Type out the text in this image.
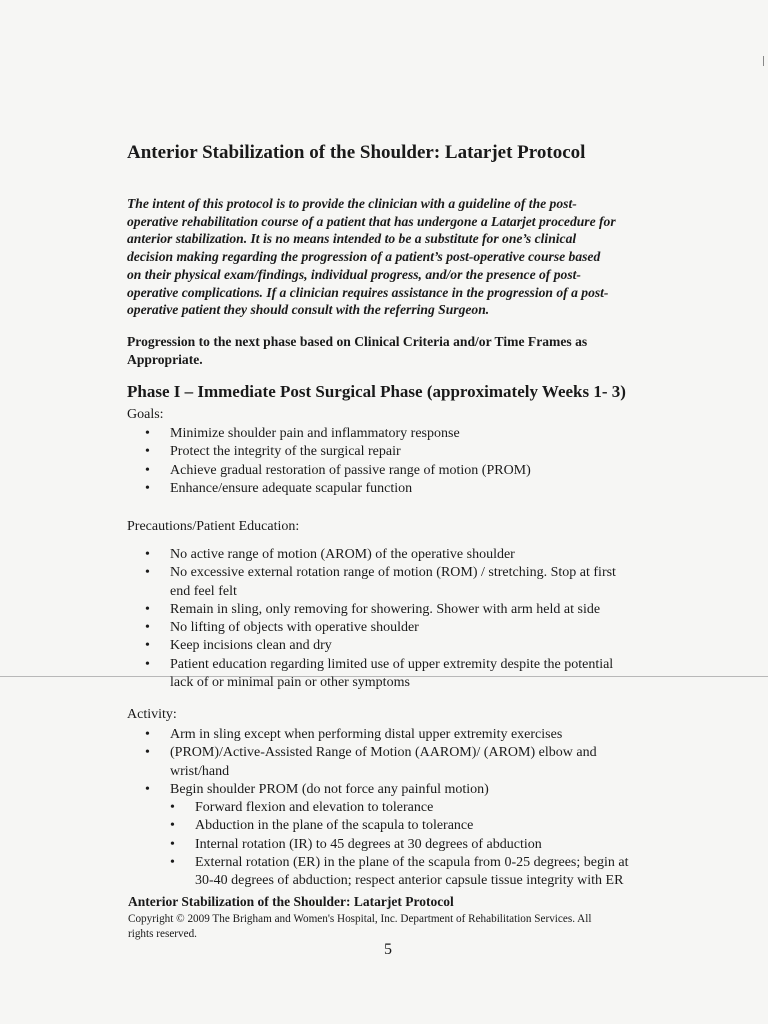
Anterior Stabilization of the Shoulder: Latarjet Protocol
The intent of this protocol is to provide the clinician with a guideline of the post-
operative rehabilitation course of a patient that has undergone a Latarjet procedure for
anterior stabilization. It is no means intended to be a substitute for one’s clinical
decision making regarding the progression of a patient’s post-operative course based
on their physical exam/findings, individual progress, and/or the presence of post-
operative complications. If a clinician requires assistance in the progression of a post-
operative patient they should consult with the referring Surgeon.
Progression to the next phase based on Clinical Criteria and/or Time Frames as
Appropriate.
Phase I – Immediate Post Surgical Phase (approximately Weeks 1- 3)
Goals:
• Minimize shoulder pain and inflammatory response
• Protect the integrity of the surgical repair
• Achieve gradual restoration of passive range of motion (PROM)
• Enhance/ensure adequate scapular function
Precautions/Patient Education:
• No active range of motion (AROM) of the operative shoulder
• No excessive external rotation range of motion (ROM) / stretching. Stop at first
end feel felt
• Remain in sling, only removing for showering. Shower with arm held at side
• No lifting of objects with operative shoulder
• Keep incisions clean and dry
• Patient education regarding limited use of upper extremity despite the potential
lack of or minimal pain or other symptoms
Activity:
• Arm in sling except when performing distal upper extremity exercises
• (PROM)/Active-Assisted Range of Motion (AAROM)/ (AROM) elbow and
wrist/hand
• Begin shoulder PROM (do not force any painful motion)
• Forward flexion and elevation to tolerance
• Abduction in the plane of the scapula to tolerance
• Internal rotation (IR) to 45 degrees at 30 degrees of abduction
• External rotation (ER) in the plane of the scapula from 0-25 degrees; begin at
30-40 degrees of abduction; respect anterior capsule tissue integrity with ER
Anterior Stabilization of the Shoulder: Latarjet Protocol
Copyright © 2009 The Brigham and Women's Hospital, Inc. Department of Rehabilitation Services. All
rights reserved.
5
